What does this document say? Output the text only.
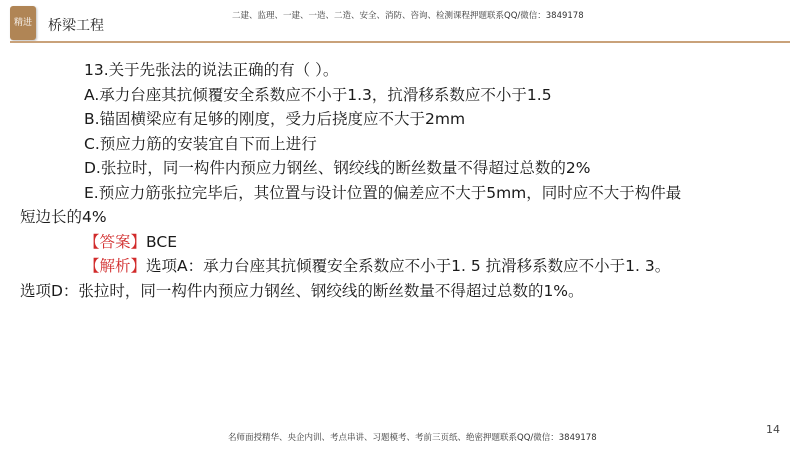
精进 桥梁工程
二建、监理、一建、一造、二造、安全、消防、咨询、检测课程押题联系QQ/微信：3849178
13.关于先张法的说法正确的有（ ）。
A.承力台座其抗倾覆安全系数应不小于1.3，抗滑移系数应不小于1.5
B.锚固横梁应有足够的刚度，受力后挠度应不大于2mm
C.预应力筋的安装宜自下而上进行
D.张拉时，同一构件内预应力钢丝、钢绞线的断丝数量不得超过总数的2%
E.预应力筋张拉完毕后，其位置与设计位置的偏差应不大于5mm，同时应不大于构件最
短边长的4%
【答案】BCE
【解析】选项A：承力台座其抗倾覆安全系数应不小于1. 5 抗滑移系数应不小于1. 3。
选项D：张拉时，同一构件内预应力钢丝、钢绞线的断丝数量不得超过总数的1%。
名师面授精华、央企内训、考点串讲、习题模考、考前三页纸、绝密押题联系QQ/微信：3849178
14
